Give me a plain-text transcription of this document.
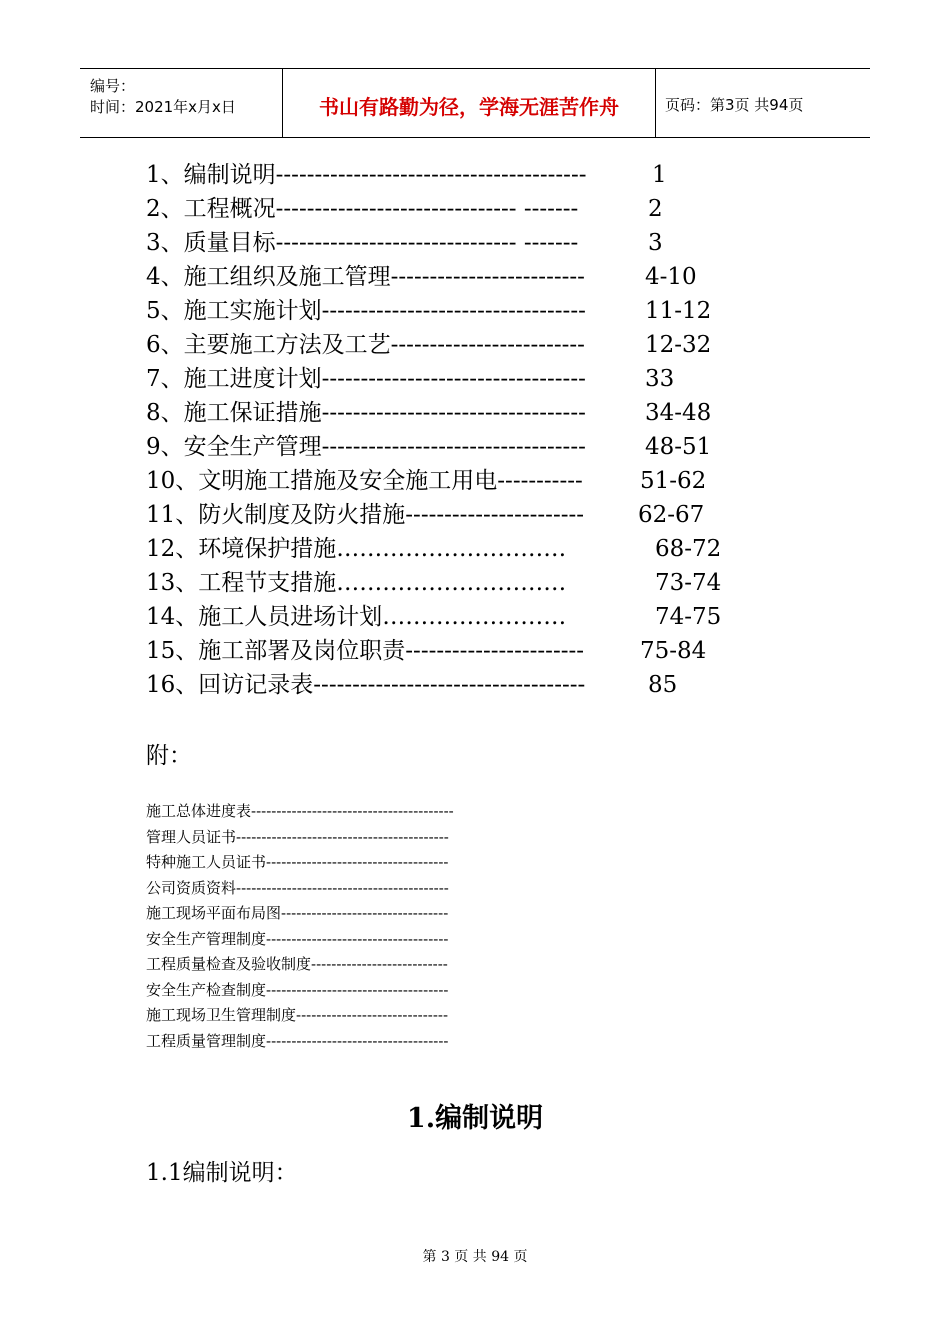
编号：
时间：2021年x月x日	书山有路勤为径，学海无涯苦作舟	页码：第3页 共94页
1、编制说明----------------------------------------	1
2、工程概况------------------------------- -------	2
3、质量目标------------------------------- -------	3
4、施工组织及施工管理-------------------------	4-10
5、施工实施计划----------------------------------	11-12
6、主要施工方法及工艺-------------------------	12-32
7、施工进度计划----------------------------------	33
8、施工保证措施----------------------------------	34-48
9、安全生产管理----------------------------------	48-51
10、文明施工措施及安全施工用电----------- 51-62
11、防火制度及防火措施----------------------- 62-67
12、环境保护措施…………………………	68-72
13、工程节支措施…………………………	73-74
14、施工人员进场计划……………………	74-75
15、施工部署及岗位职责----------------------- 75-84
16、回访记录表-----------------------------------	85
附：
施工总体进度表----------------------------------------
管理人员证书------------------------------------------
特种施工人员证书------------------------------------
公司资质资料------------------------------------------
施工现场平面布局图---------------------------------
安全生产管理制度------------------------------------
工程质量检查及验收制度---------------------------
安全生产检查制度------------------------------------
施工现场卫生管理制度------------------------------
工程质量管理制度------------------------------------
1.编制说明
1.1编制说明：
第 3 页 共 94 页
